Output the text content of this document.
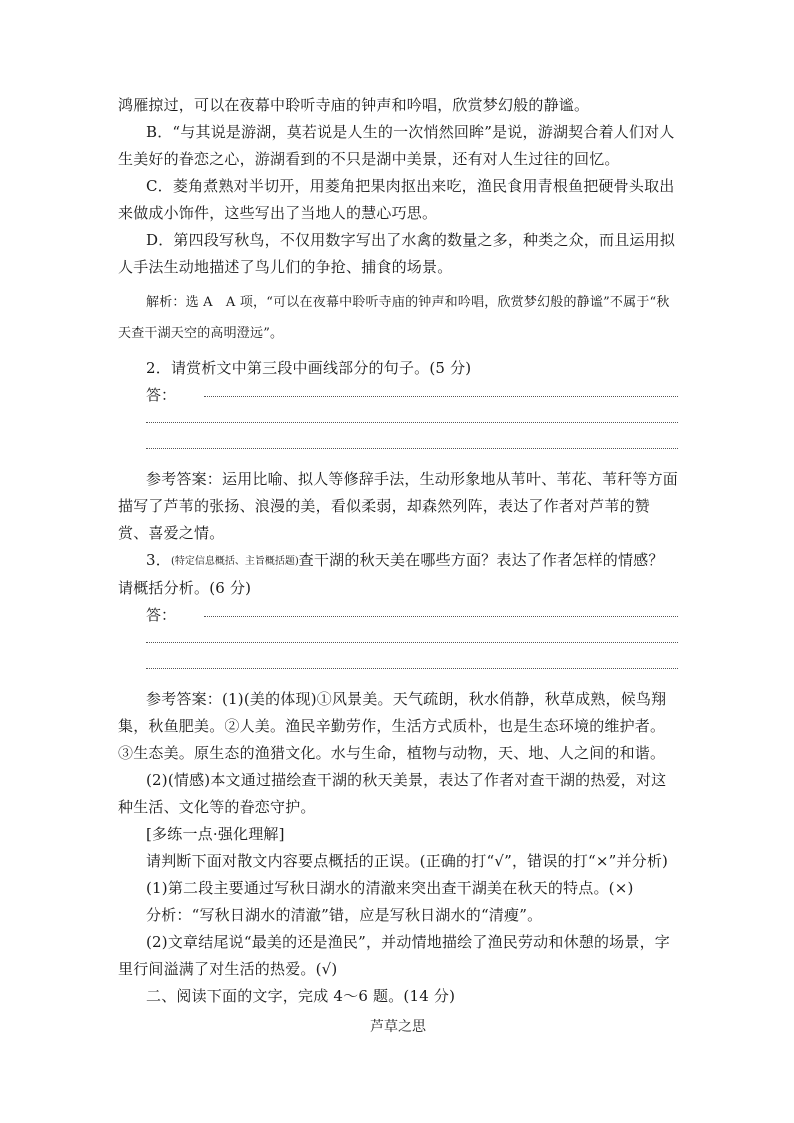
鸿雁掠过，可以在夜幕中聆听寺庙的钟声和吟唱，欣赏梦幻般的静谧。

B．“与其说是游湖，莫若说是人生的一次悄然回眸”是说，游湖契合着人们对人生美好的眷恋之心，游湖看到的不只是湖中美景，还有对人生过往的回忆。

C．菱角煮熟对半切开，用菱角把果肉抠出来吃，渔民食用青根鱼把硬骨头取出来做成小饰件，这些写出了当地人的慧心巧思。

D．第四段写秋鸟，不仅用数字写出了水禽的数量之多，种类之众，而且运用拟人手法生动地描述了鸟儿们的争抢、捕食的场景。

解析：选 A　A 项，“可以在夜幕中聆听寺庙的钟声和吟唱，欣赏梦幻般的静谧”不属于“秋天查干湖天空的高明澄远”。

2．请赏析文中第三段中画线部分的句子。(5 分)

答：

参考答案：运用比喻、拟人等修辞手法，生动形象地从苇叶、苇花、苇秆等方面描写了芦苇的张扬、浪漫的美，看似柔弱，却森然列阵，表达了作者对芦苇的赞赏、喜爱之情。

3．(特定信息概括、主旨概括题)查干湖的秋天美在哪些方面？表达了作者怎样的情感？请概括分析。(6 分)

答：

参考答案：(1)(美的体现)①风景美。天气疏朗，秋水俏静，秋草成熟，候鸟翔集，秋鱼肥美。②人美。渔民辛勤劳作，生活方式质朴，也是生态环境的维护者。 ③生态美。原生态的渔猎文化。水与生命，植物与动物，天、地、人之间的和谐。

(2)(情感)本文通过描绘查干湖的秋天美景，表达了作者对查干湖的热爱，对这种生活、文化等的眷恋守护。

[多练一点·强化理解]

请判断下面对散文内容要点概括的正误。(正确的打“√”，错误的打“×”并分析)

(1)第二段主要通过写秋日湖水的清澈来突出查干湖美在秋天的特点。(×)

分析：“写秋日湖水的清澈”错，应是写秋日湖水的“清瘦”。

(2)文章结尾说“最美的还是渔民”，并动情地描绘了渔民劳动和休憩的场景，字里行间溢满了对生活的热爱。(√)

二、阅读下面的文字，完成 4～6 题。(14 分)

芦草之思
